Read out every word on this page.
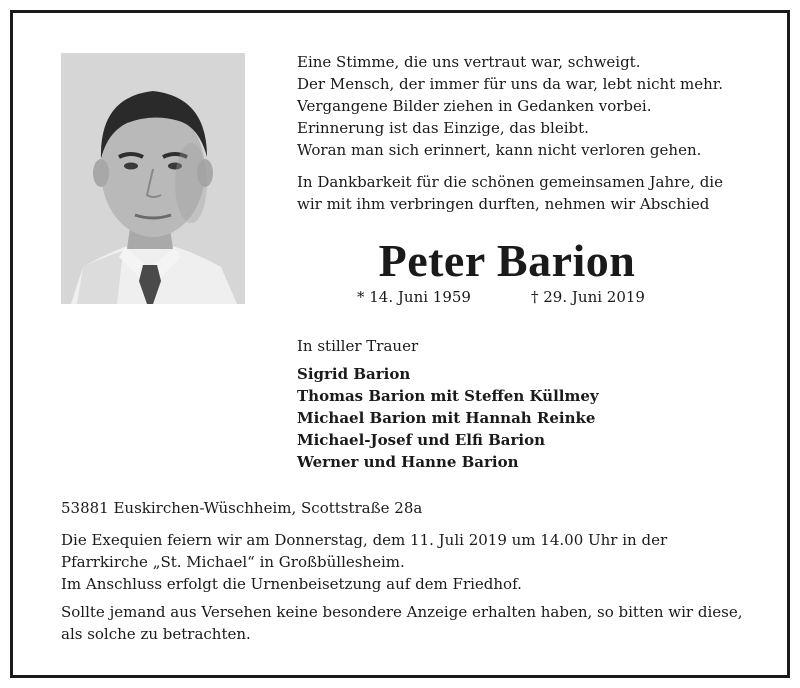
Eine Stimme, die uns vertraut war, schweigt.
Der Mensch, der immer für uns da war, lebt nicht mehr.
Vergangene Bilder ziehen in Gedanken vorbei.
Erinnerung ist das Einzige, das bleibt.
Woran man sich erinnert, kann nicht verloren gehen.
In Dankbarkeit für die schönen gemeinsamen Jahre, die
wir mit ihm verbringen durften, nehmen wir Abschied
Peter Barion
* 14. Juni 1959	† 29. Juni 2019
In stiller Trauer
Sigrid Barion
Thomas Barion mit Steffen Küllmey
Michael Barion mit Hannah Reinke
Michael-Josef und Elfi Barion
Werner und Hanne Barion
53881 Euskirchen-Wüschheim, Scottstraße 28a
Die Exequien feiern wir am Donnerstag, dem 11. Juli 2019 um 14.00 Uhr in der
Pfarrkirche „St. Michael“ in Großbüllesheim.
Im Anschluss erfolgt die Urnenbeisetzung auf dem Friedhof.
Sollte jemand aus Versehen keine besondere Anzeige erhalten haben, so bitten wir diese,
als solche zu betrachten.
